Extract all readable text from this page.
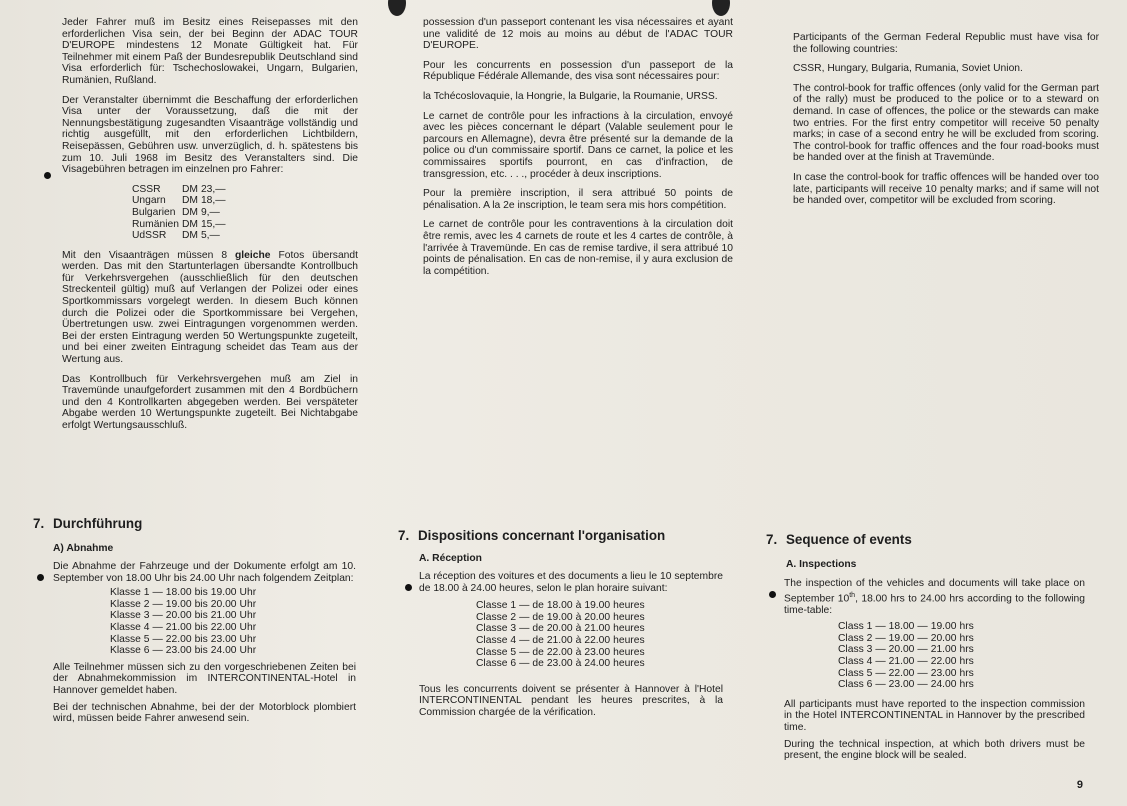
Jeder Fahrer muß im Besitz eines Reisepasses mit den erforderlichen Visa sein, der bei Beginn der ADAC TOUR D'EUROPE mindestens 12 Monate Gültigkeit hat. Für Teilnehmer mit einem Paß der Bundesrepublik Deutschland sind Visa erforderlich für: Tschechoslowakei, Ungarn, Bulgarien, Rumänien, Rußland.

Der Veranstalter übernimmt die Beschaffung der erforderlichen Visa unter der Voraussetzung, daß die mit der Nennungsbestätigung zugesandten Visaanträge vollständig und richtig ausgefüllt, mit den erforderlichen Lichtbildern, Reisepässen, Gebühren usw. unverzüglich, d. h. spätestens bis zum 10. Juli 1968 im Besitz des Veranstalters sind. Die Visagebühren betragen im einzelnen pro Fahrer:

CSSR	DM	23,—
Ungarn	DM	18,—
Bulgarien	DM	9,—
Rumänien	DM	15,—
UdSSR	DM	5,—

Mit den Visaanträgen müssen 8 gleiche Fotos übersandt werden. Das mit den Startunterlagen übersandte Kontrollbuch für Verkehrsvergehen (ausschließlich für den deutschen Streckenteil gültig) muß auf Verlangen der Polizei oder eines Sportkommissars vorgelegt werden. In diesem Buch können durch die Polizei oder die Sportkommissare bei Vergehen, Übertretungen usw. zwei Eintragungen vorgenommen werden. Bei der ersten Eintragung werden 50 Wertungspunkte zugeteilt, und bei einer zweiten Eintragung scheidet das Team aus der Wertung aus.

Das Kontrollbuch für Verkehrsvergehen muß am Ziel in Travemünde unaufgefordert zusammen mit den 4 Bordbüchern und den 4 Kontrollkarten abgegeben werden. Bei verspäteter Abgabe werden 10 Wertungspunkte zugeteilt. Bei Nichtabgabe erfolgt Wertungsausschluß.

7. Durchführung
A) Abnahme

Die Abnahme der Fahrzeuge und der Dokumente erfolgt am 10. September von 18.00 Uhr bis 24.00 Uhr nach folgendem Zeitplan:

Klasse 1	—	18.00	bis	19.00	Uhr
Klasse 2	—	19.00	bis	20.00	Uhr
Klasse 3	—	20.00	bis	21.00	Uhr
Klasse 4	—	21.00	bis	22.00	Uhr
Klasse 5	—	22.00	bis	23.00	Uhr
Klasse 6	—	23.00	bis	24.00	Uhr

Alle Teilnehmer müssen sich zu den vorgeschriebenen Zeiten bei der Abnahmekommission im INTERCONTINENTAL-Hotel in Hannover gemeldet haben.

Bei der technischen Abnahme, bei der der Motorblock plombiert wird, müssen beide Fahrer anwesend sein.

possession d'un passeport contenant les visa nécessaires et ayant une validité de 12 mois au moins au début de l'ADAC TOUR D'EUROPE.

Pour les concurrents en possession d'un passeport de la République Fédérale Allemande, des visa sont nécessaires pour:

la Tchécoslovaquie, la Hongrie, la Bulgarie, la Roumanie, URSS.

Le carnet de contrôle pour les infractions à la circulation, envoyé avec les pièces concernant le départ (Valable seulement pour le parcours en Allemagne), devra être présenté sur la demande de la police ou d'un commissaire sportif. Dans ce carnet, la police et les commissaires sportifs pourront, en cas d'infraction, de transgression, etc. . . ., procéder à deux inscriptions.

Pour la première inscription, il sera attribué 50 points de pénalisation. A la 2e inscription, le team sera mis hors compétition.

Le carnet de contrôle pour les contraventions à la circulation doit être remis, avec les 4 carnets de route et les 4 cartes de contrôle, à l'arrivée à Travemünde. En cas de remise tardive, il sera attribué 10 points de pénalisation. En cas de non-remise, il y aura exclusion de la compétition.

7. Dispositions concernant l'organisation
A. Réception

La réception des voitures et des documents a lieu le 10 septembre de 18.00 à 24.00 heures, selon le plan horaire suivant:

Classe 1	—	de	18.00	à	19.00	heures
Classe 2	—	de	19.00	à	20.00	heures
Classe 3	—	de	20.00	à	21.00	heures
Classe 4	—	de	21.00	à	22.00	heures
Classe 5	—	de	22.00	à	23.00	heures
Classe 6	—	de	23.00	à	24.00	heures

Tous les concurrents doivent se présenter à Hannover à l'Hotel INTERCONTINENTAL pendant les heures prescrites, à la Commission chargée de la vérification.

Participants of the German Federal Republic must have visa for the following countries:

CSSR, Hungary, Bulgaria, Rumania, Soviet Union.

The control-book for traffic offences (only valid for the German part of the rally) must be produced to the police or to a steward on demand. In case of offences, the police or the stewards can make two entries. For the first entry competitor will receive 50 penalty marks; in case of a second entry he will be excluded from scoring. The control-book for traffic offences and the four road-books must be handed over at the finish at Travemünde.

In case the control-book for traffic offences will be handed over too late, participants will receive 10 penalty marks; and if same will not be handed over, competitor will be excluded from scoring.

7. Sequence of events
A. Inspections

The inspection of the vehicles and documents will take place on September 10th, 18.00 hrs to 24.00 hrs according to the following time-table:

Class 1	—	18.00	—	19.00	hrs
Class 2	—	19.00	—	20.00	hrs
Class 3	—	20.00	—	21.00	hrs
Class 4	—	21.00	—	22.00	hrs
Class 5	—	22.00	—	23.00	hrs
Class 6	—	23.00	—	24.00	hrs

All participants must have reported to the inspection commission in the Hotel INTERCONTINENTAL in Hannover by the prescribed time.

During the technical inspection, at which both drivers must be present, the engine block will be sealed.

9
